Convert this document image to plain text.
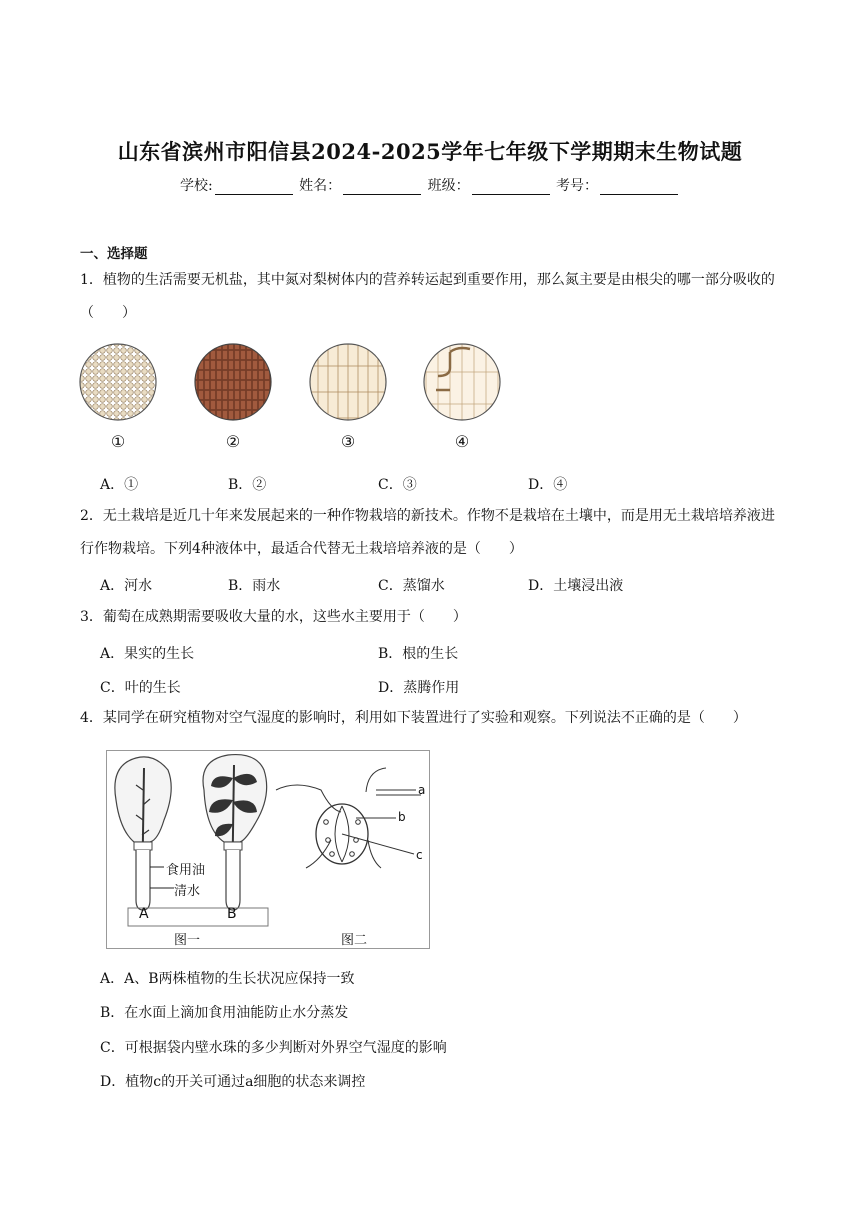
山东省滨州市阳信县2024-2025学年七年级下学期期末生物试题
学校:	姓名：	班级：	考号：
一、选择题
1．植物的生活需要无机盐，其中氮对梨树体内的营养转运起到重要作用，那么氮主要是由根尖的哪一部分吸收的（　　）
①	②	③	④
A．①	B．②	C．③	D．④
2．无土栽培是近几十年来发展起来的一种作物栽培的新技术。作物不是栽培在土壤中，而是用无土栽培培养液进行作物栽培。下列4种液体中，最适合代替无土栽培培养液的是（　　）
A．河水	B．雨水	C．蒸馏水	D．土壤浸出液
3．葡萄在成熟期需要吸收大量的水，这些水主要用于（　　）
A．果实的生长	B．根的生长
C．叶的生长	D．蒸腾作用
4．某同学在研究植物对空气湿度的影响时，利用如下装置进行了实验和观察。下列说法不正确的是（　　）
食用油
清水
A	B
图一	图二
a
b
c
A．A、B两株植物的生长状况应保持一致
B．在水面上滴加食用油能防止水分蒸发
C．可根据袋内壁水珠的多少判断对外界空气湿度的影响
D．植物c的开关可通过a细胞的状态来调控
